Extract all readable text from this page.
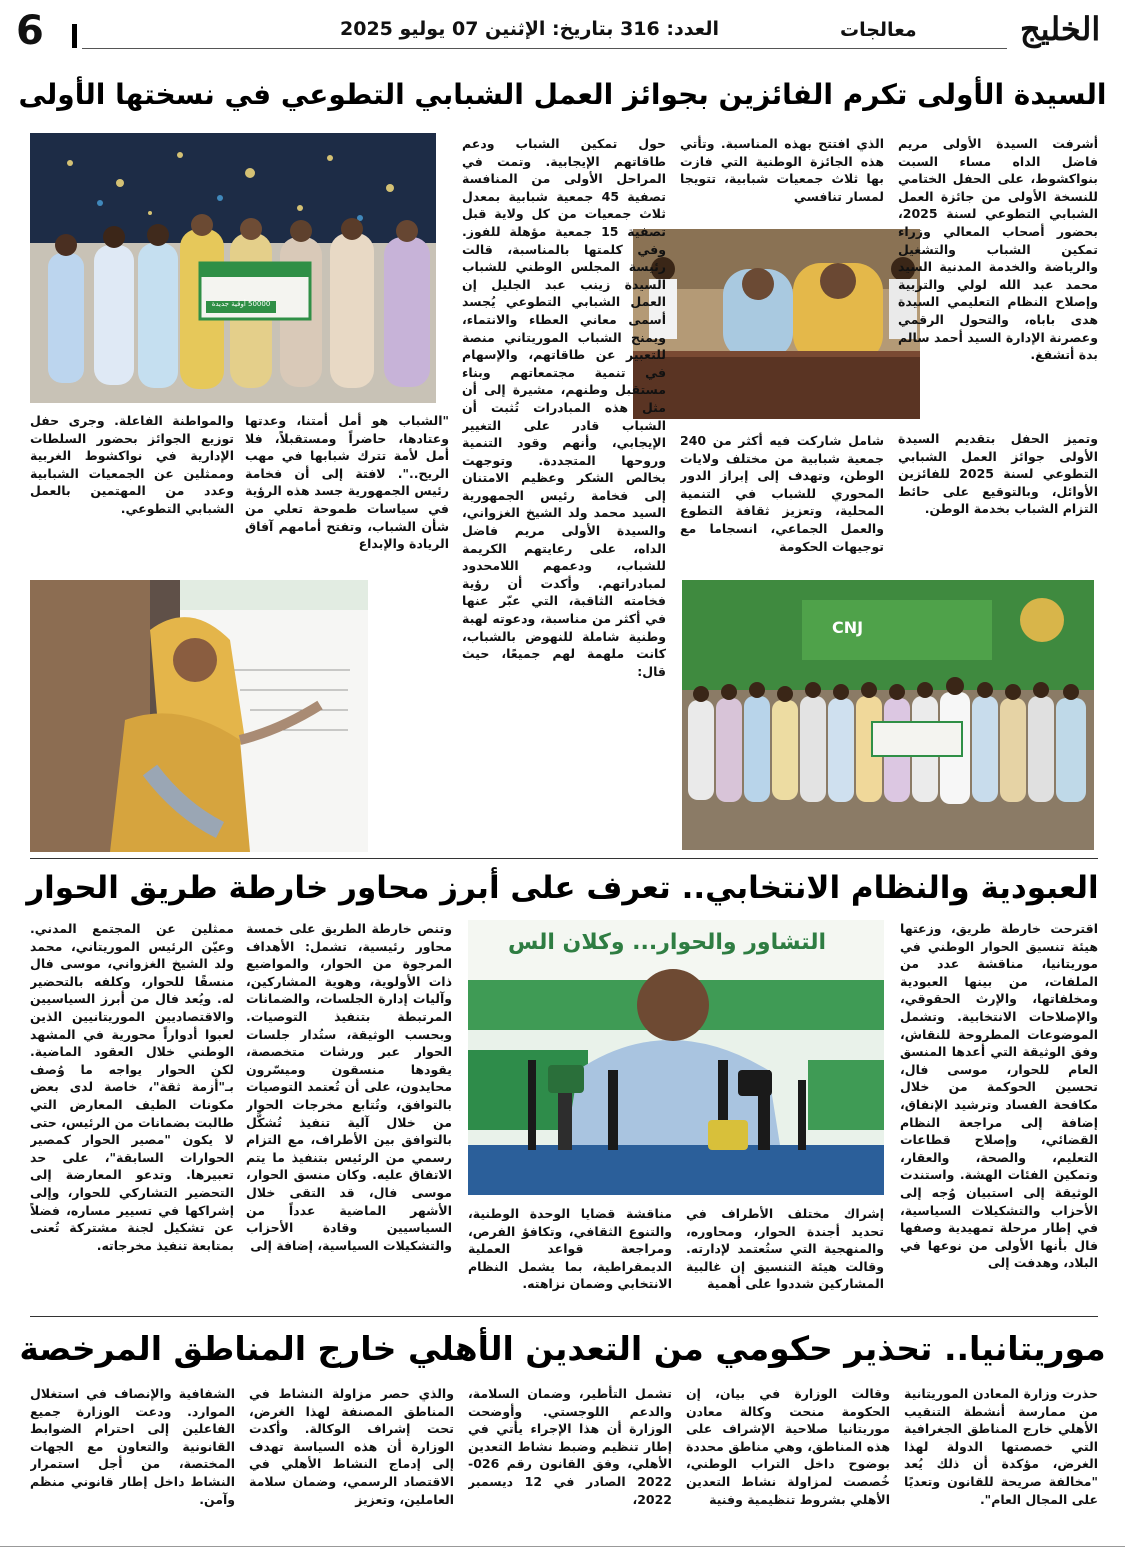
6	العدد: 316 بتاريخ: الإثنين 07 يوليو 2025	معالجات	الخليج
السيدة الأولى تكرم الفائزين بجوائز العمل الشبابي التطوعي في نسختها الأولى
50000 أوقية جديدة
CNJ

أشرفت السيدة الأولى مريم فاضل الداه مساء السبت بنواكشوط، على الحفل الختامي للنسخة الأولى من جائزة العمل الشبابي التطوعي لسنة 2025، بحضور أصحاب المعالي وزراء تمكين الشباب والتشغيل والرياضة والخدمة المدنية السيد محمد عبد الله لولي والتربية وإصلاح النظام التعليمي السيدة هدى باباه، والتحول الرقمي وعصرنة الإدارة السيد أحمد سالم بدة أتشفغ.

وتميز الحفل بتقديم السيدة الأولى جوائز العمل الشبابي التطوعي لسنة 2025 للفائزين الأوائل، وبالتوقيع على حائط التزام الشباب بخدمة الوطن.

الذي افتتح بهذه المناسبة. وتأتي هذه الجائزة الوطنية التي فازت بها ثلاث جمعيات شبابية، تتويجا لمسار تنافسي

شامل شاركت فيه أكثر من 240 جمعية شبابية من مختلف ولايات الوطن، وتهدف إلى إبراز الدور المحوري للشباب في التنمية المحلية، وتعزيز ثقافة التطوع والعمل الجماعي، انسجاما مع توجيهات الحكومة

حول تمكين الشباب ودعم طاقاتهم الإيجابية. وتمت في المراحل الأولى من المنافسة تصفية 45 جمعية شبابية بمعدل ثلاث جمعيات من كل ولاية قبل تصفية 15 جمعية مؤهلة للفوز. وفي كلمتها بالمناسبة، قالت رئيسة المجلس الوطني للشباب السيدة زينب عبد الجليل إن العمل الشبابي التطوعي يُجسد أسمى معاني العطاء والانتماء، ويمنح الشباب الموريتاني منصة للتعبير عن طاقاتهم، والإسهام في تنمية مجتمعاتهم وبناء مستقبل وطنهم، مشيرة إلى أن مثل هذه المبادرات تُثبت أن الشباب قادر على التغيير الإيجابي، وأنهم وقود التنمية وروحها المتجددة. وتوجهت بخالص الشكر وعظيم الامتنان إلى فخامة رئيس الجمهورية السيد محمد ولد الشيخ الغزواني، والسيدة الأولى مريم فاضل الداه، على رعايتهم الكريمة للشباب، ودعمهم اللامحدود لمبادراتهم. وأكدت أن رؤية فخامته الثاقبة، التي عبّر عنها في أكثر من مناسبة، ودعوته لهبة وطنية شاملة للنهوض بالشباب، كانت ملهمة لهم جميعًا، حيث قال:

"الشباب هو أمل أمتنا، وعدتها وعتادها، حاضراً ومستقبلاً، فلا أمل لأمة تترك شبابها في مهب الريح..". لافتة إلى أن فخامة رئيس الجمهورية جسد هذه الرؤية في سياسات طموحة تعلي من شأن الشباب، وتفتح أمامهم آفاق الريادة والإبداع

والمواطنة الفاعلة. وجرى حفل توزيع الجوائز بحضور السلطات الإدارية في نواكشوط الغربية وممثلين عن الجمعيات الشبابية وعدد من المهتمين بالعمل الشبابي التطوعي.

العبودية والنظام الانتخابي.. تعرف على أبرز محاور خارطة طريق الحوار
التشاور والحوار... وكلان الس

اقترحت خارطة طريق، وزعتها هيئة تنسيق الحوار الوطني في موريتانيا، مناقشة عدد من الملفات، من بينها العبودية ومخلفاتها، والإرث الحقوقي، والإصلاحات الانتخابية. وتشمل الموضوعات المطروحة للنقاش، وفق الوثيقة التي أعدها المنسق العام للحوار، موسى فال، تحسين الحوكمة من خلال مكافحة الفساد وترشيد الإنفاق، إضافة إلى مراجعة النظام القضائي، وإصلاح قطاعات التعليم، والصحة، والعقار، وتمكين الفئات الهشة. واستندت الوثيقة إلى استبيان وُجه إلى الأحزاب والتشكيلات السياسية، في إطار مرحلة تمهيدية وصفها فال بأنها الأولى من نوعها في البلاد، وهدفت إلى

إشراك مختلف الأطراف في تحديد أجندة الحوار، ومحاوره، والمنهجية التي ستُعتمد لإدارته. وقالت هيئة التنسيق إن غالبية المشاركين شددوا على أهمية

مناقشة قضايا الوحدة الوطنية، والتنوع الثقافي، وتكافؤ الفرص، ومراجعة قواعد العملية الديمقراطية، بما يشمل النظام الانتخابي وضمان نزاهته.

وتنص خارطة الطريق على خمسة محاور رئيسية، تشمل: الأهداف المرجوة من الحوار، والمواضيع ذات الأولوية، وهوية المشاركين، وآليات إدارة الجلسات، والضمانات المرتبطة بتنفيذ التوصيات. وبحسب الوثيقة، ستُدار جلسات الحوار عبر ورشات متخصصة، يقودها منسقون وميسّرون محايدون، على أن تُعتمد التوصيات بالتوافق، وتُتابع مخرجات الحوار من خلال آلية تنفيذ تُشكَّل بالتوافق بين الأطراف، مع التزام رسمي من الرئيس بتنفيذ ما يتم الاتفاق عليه. وكان منسق الحوار، موسى فال، قد التقى خلال الأشهر الماضية عدداً من السياسيين وقادة الأحزاب والتشكيلات السياسية، إضافة إلى

ممثلين عن المجتمع المدني. وعيّن الرئيس الموريتاني، محمد ولد الشيخ الغزواني، موسى فال منسقًا للحوار، وكلفه بالتحضير له. ويُعد فال من أبرز السياسيين والاقتصاديين الموريتانيين الذين لعبوا أدواراً محورية في المشهد الوطني خلال العقود الماضية. لكن الحوار يواجه ما وُصف بـ"أزمة ثقة"، خاصة لدى بعض مكونات الطيف المعارض التي طالبت بضمانات من الرئيس، حتى لا يكون "مصير الحوار كمصير الحوارات السابقة"، على حد تعبيرها. وتدعو المعارضة إلى التحضير التشاركي للحوار، وإلى إشراكها في تسيير مساره، فضلاً عن تشكيل لجنة مشتركة تُعنى بمتابعة تنفيذ مخرجاته.

موريتانيا.. تحذير حكومي من التعدين الأهلي خارج المناطق المرخصة

حذرت وزارة المعادن الموريتانية من ممارسة أنشطة التنقيب الأهلي خارج المناطق الجغرافية التي خصصتها الدولة لهذا الغرض، مؤكدة أن ذلك يُعد "مخالفة صريحة للقانون وتعديًا على المجال العام".

وقالت الوزارة في بيان، إن الحكومة منحت وكالة معادن موريتانيا صلاحية الإشراف على هذه المناطق، وهي مناطق محددة بوضوح داخل التراب الوطني، خُصصت لمزاولة نشاط التعدين الأهلي بشروط تنظيمية وفنية

تشمل التأطير، وضمان السلامة، والدعم اللوجستي. وأوضحت الوزارة أن هذا الإجراء يأتي في إطار تنظيم وضبط نشاط التعدين الأهلي، وفق القانون رقم 026-2022 الصادر في 12 ديسمبر 2022،

والذي حصر مزاولة النشاط في المناطق المصنفة لهذا الغرض، تحت إشراف الوكالة. وأكدت الوزارة أن هذه السياسة تهدف إلى إدماج النشاط الأهلي في الاقتصاد الرسمي، وضمان سلامة العاملين، وتعزيز

الشفافية والإنصاف في استغلال الموارد. ودعت الوزارة جميع الفاعلين إلى احترام الضوابط القانونية والتعاون مع الجهات المختصة، من أجل استمرار النشاط داخل إطار قانوني منظم وآمن.
